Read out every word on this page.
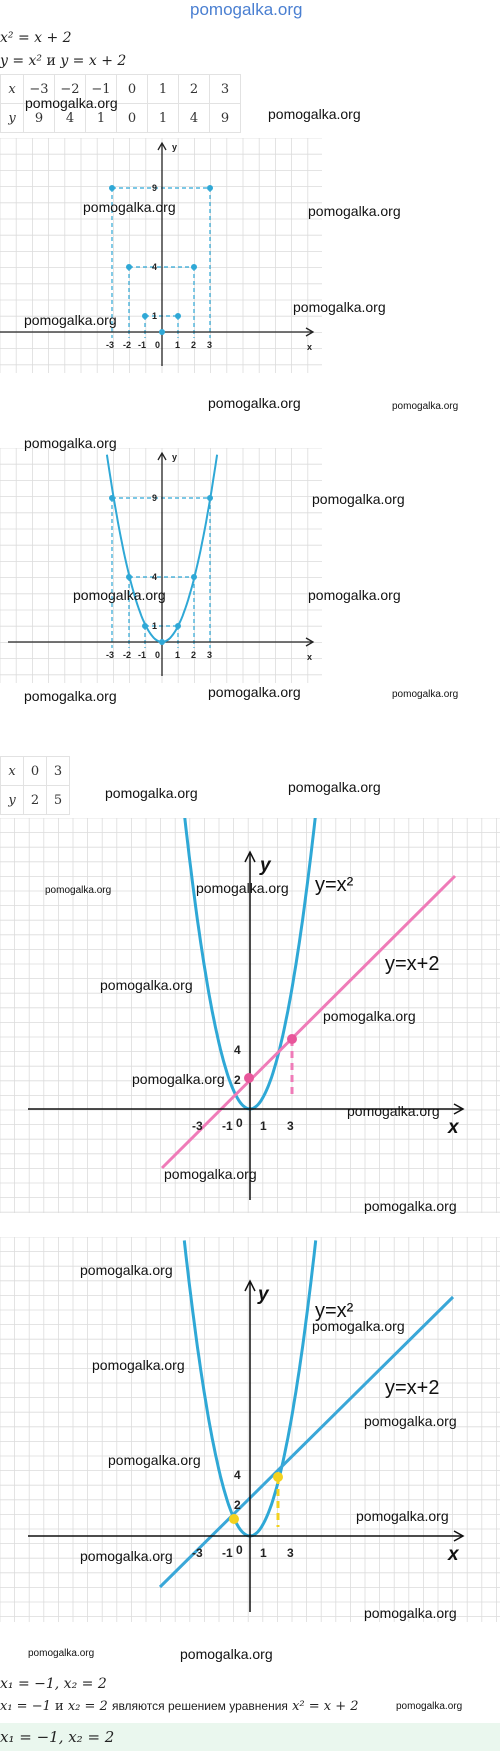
pomogalka.org
x² = x + 2
y = x² и y = x + 2
x	−3	−2	−1	0	1	2	3
y	9	4	1	0	1	4	9
-3 -2 -1 0 1 2 3
1
4
9
x
y
-3 -2 -1 0 1 2 3
1
4
9
x
y
x	0	3
y	2	5
-3 -1 0 1 3
2
4
x
y
y=x²
y=x+2
-3 -1 0 1 3
2
4
x
y
y=x²
y=x+2
x₁ = −1, x₂ = 2
x₁ = −1 и x₂ = 2 являются решением уравнения x² = x + 2
x₁ = −1, x₂ = 2
pomogalka.org
pomogalka.org
pomogalka.org	pomogalka.org
pomogalka.org
pomogalka.org
pomogalka.org	pomogalka.org
pomogalka.org
pomogalka.org
pomogalka.org	pomogalka.org
pomogalka.org	pomogalka.org	pomogalka.org
pomogalka.org	pomogalka.org
pomogalka.org	pomogalka.org
pomogalka.org
pomogalka.org
pomogalka.org
pomogalka.org
pomogalka.org
pomogalka.org
pomogalka.org
pomogalka.org
pomogalka.org
pomogalka.org
pomogalka.org
pomogalka.org
pomogalka.org
pomogalka.org
pomogalka.org	pomogalka.org
pomogalka.org
